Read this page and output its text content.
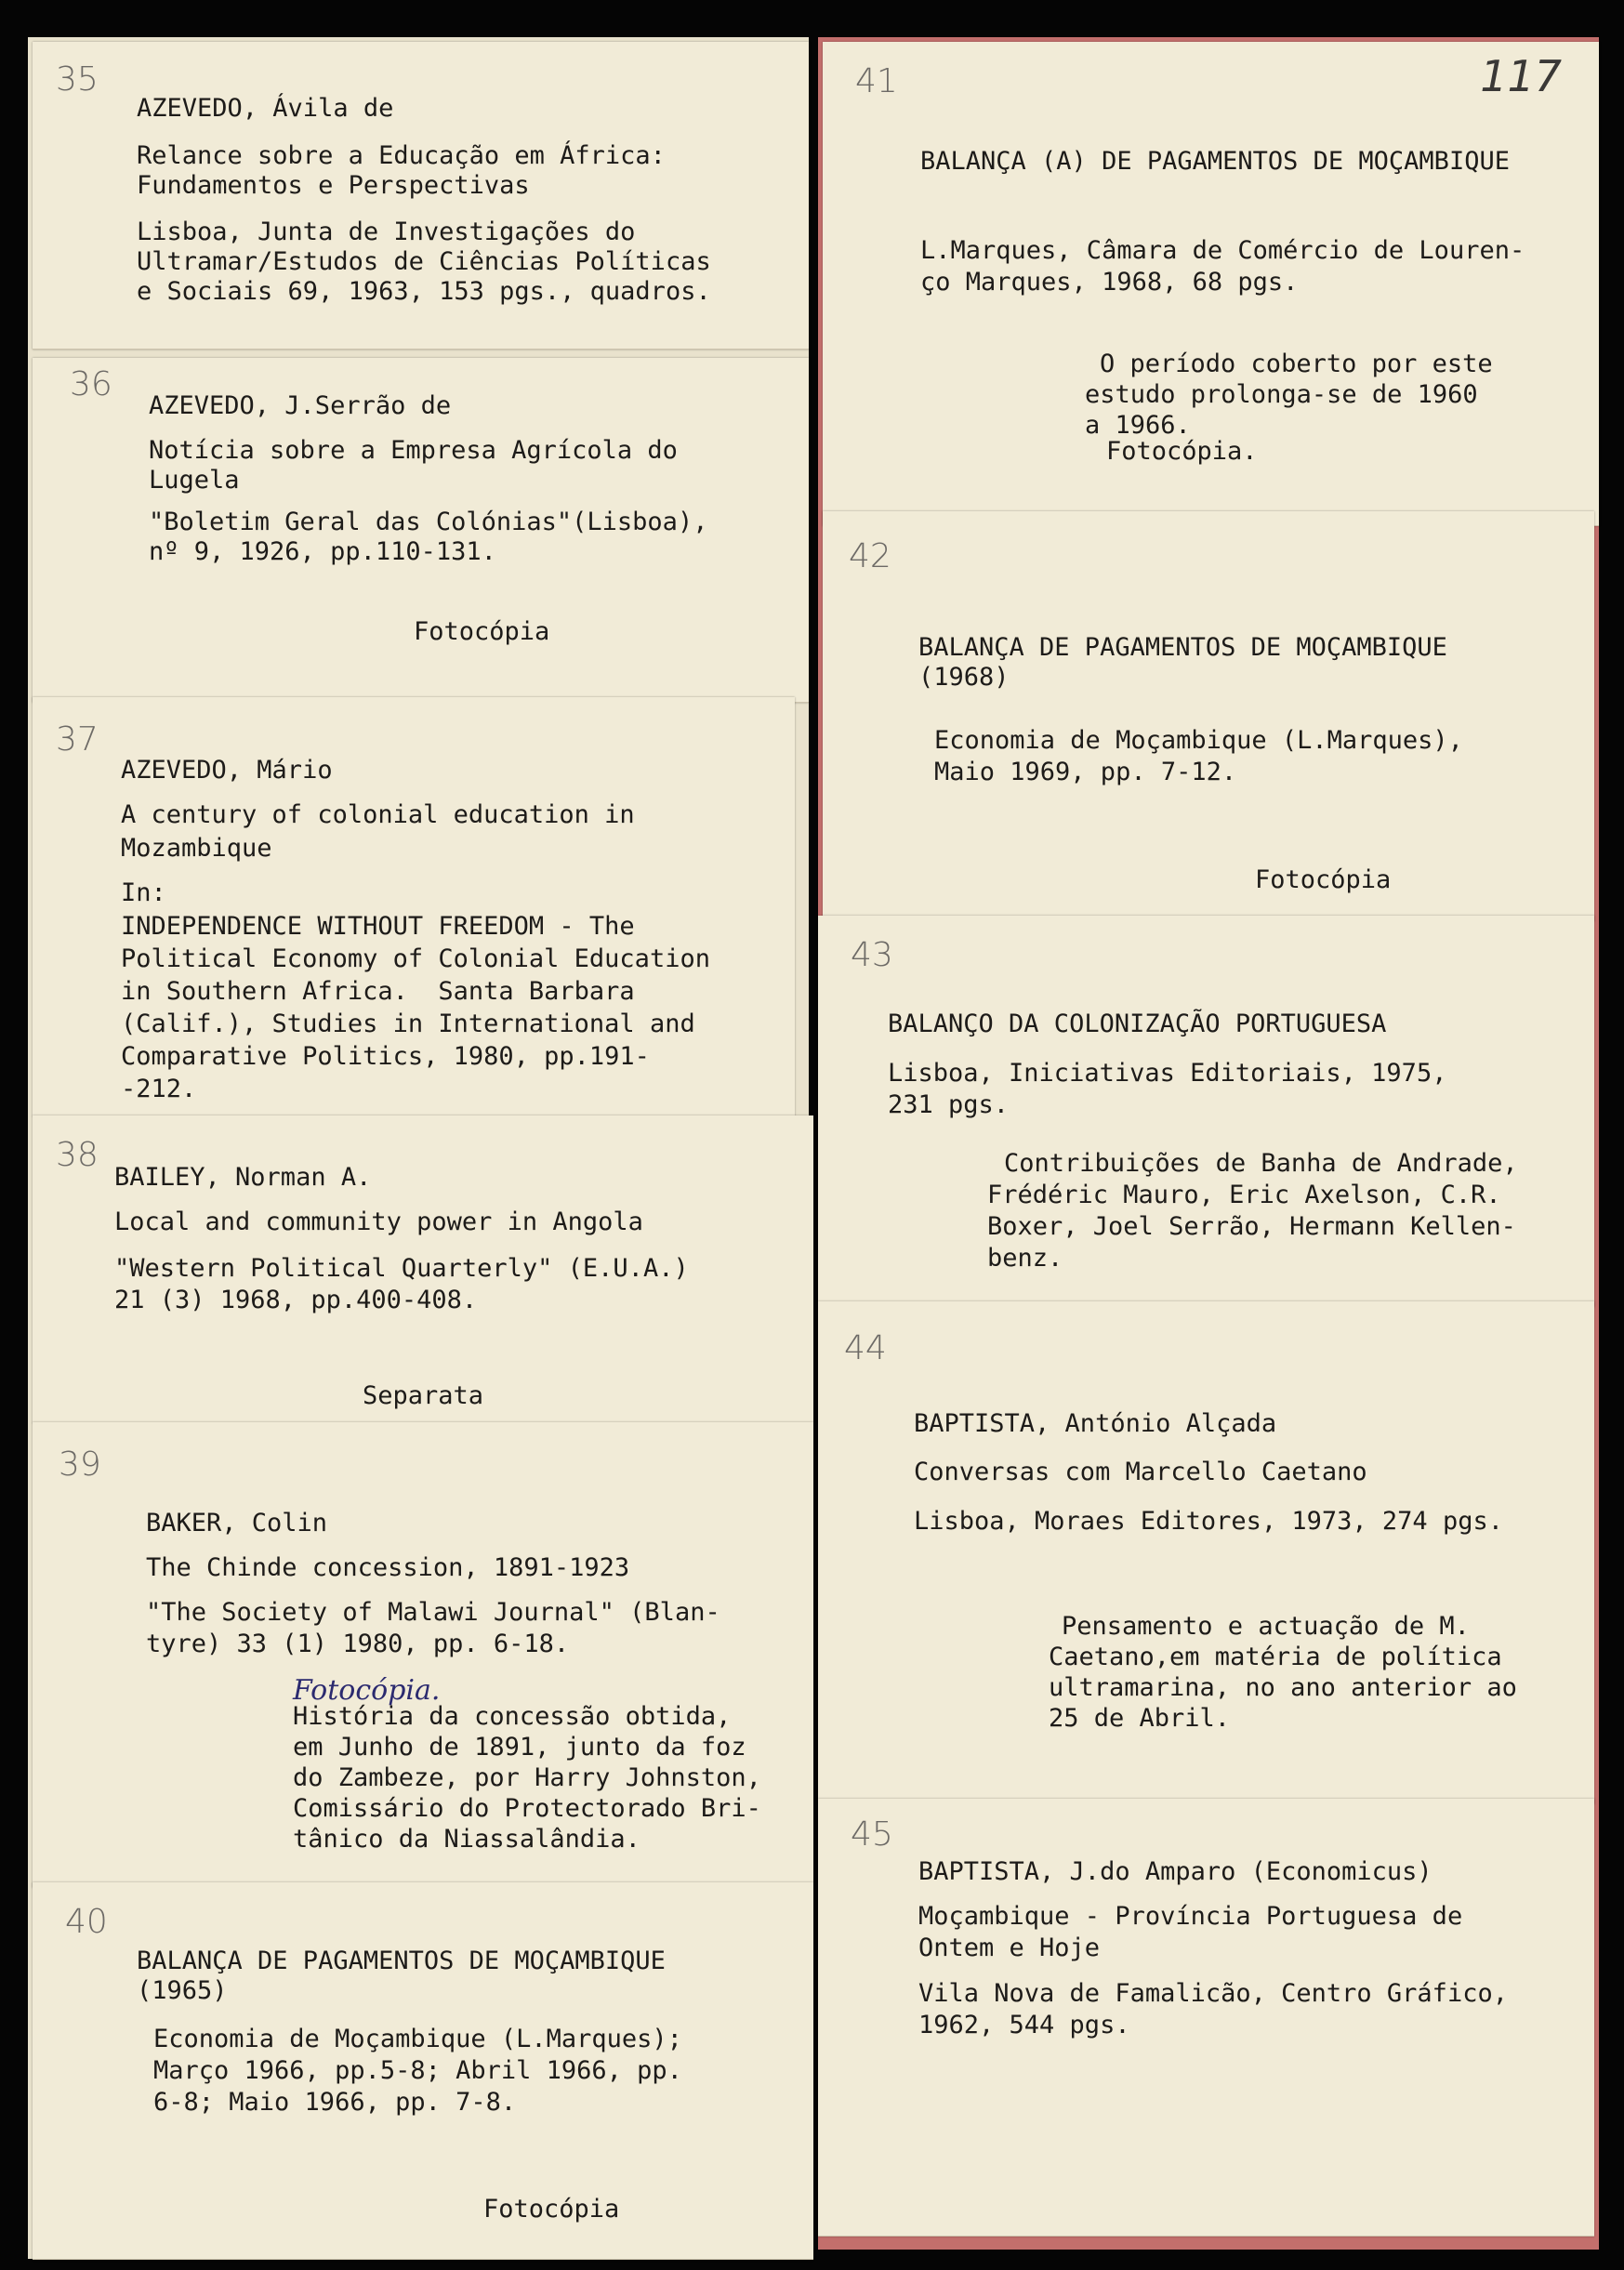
35

AZEVEDO, Ávila de

Relance sobre a Educação em África:

Fundamentos e Perspectivas

Lisboa, Junta de Investigações do

Ultramar/Estudos de Ciências Políticas

e Sociais 69, 1963, 153 pgs., quadros.

36

AZEVEDO, J.Serrão de

Notícia sobre a Empresa Agrícola do

Lugela

"Boletim Geral das Colónias"(Lisboa),

nº 9, 1926, pp.110-131.

Fotocópia

37

AZEVEDO, Mário

A century of colonial education in

Mozambique

In:

INDEPENDENCE WITHOUT FREEDOM - The

Political Economy of Colonial Education

in Southern Africa.  Santa Barbara

(Calif.), Studies in International and

Comparative Politics, 1980, pp.191-

-212.

38

BAILEY, Norman A.

Local and community power in Angola

"Western Political Quarterly" (E.U.A.)

21 (3) 1968, pp.400-408.

Separata

39

BAKER, Colin

The Chinde concession, 1891-1923

"The Society of Malawi Journal" (Blan-

tyre) 33 (1) 1980, pp. 6-18.

Fotocópia.

História da concessão obtida,

em Junho de 1891, junto da foz

do Zambeze, por Harry Johnston,

Comissário do Protectorado Bri-

tânico da Niassalândia.

40

BALANÇA DE PAGAMENTOS DE MOÇAMBIQUE

(1965)

Economia de Moçambique (L.Marques);

Março 1966, pp.5-8; Abril 1966, pp.

6-8; Maio 1966, pp. 7-8.

Fotocópia

41	117

BALANÇA (A) DE PAGAMENTOS DE MOÇAMBIQUE

L.Marques, Câmara de Comércio de Louren-

ço Marques, 1968, 68 pgs.

O período coberto por este

estudo prolonga-se de 1960

a 1966.

Fotocópia.

42

BALANÇA DE PAGAMENTOS DE MOÇAMBIQUE

(1968)

Economia de Moçambique (L.Marques),

Maio 1969, pp. 7-12.

Fotocópia

43

BALANÇO DA COLONIZAÇÃO PORTUGUESA

Lisboa, Iniciativas Editoriais, 1975,

231 pgs.

Contribuições de Banha de Andrade,

Frédéric Mauro, Eric Axelson, C.R.

Boxer, Joel Serrão, Hermann Kellen-

benz.

44

BAPTISTA, António Alçada

Conversas com Marcello Caetano

Lisboa, Moraes Editores, 1973, 274 pgs.

Pensamento e actuação de M.

Caetano,em matéria de política

ultramarina, no ano anterior ao

25 de Abril.

45

BAPTISTA, J.do Amparo (Economicus)

Moçambique - Província Portuguesa de

Ontem e Hoje

Vila Nova de Famalicão, Centro Gráfico,

1962, 544 pgs.
